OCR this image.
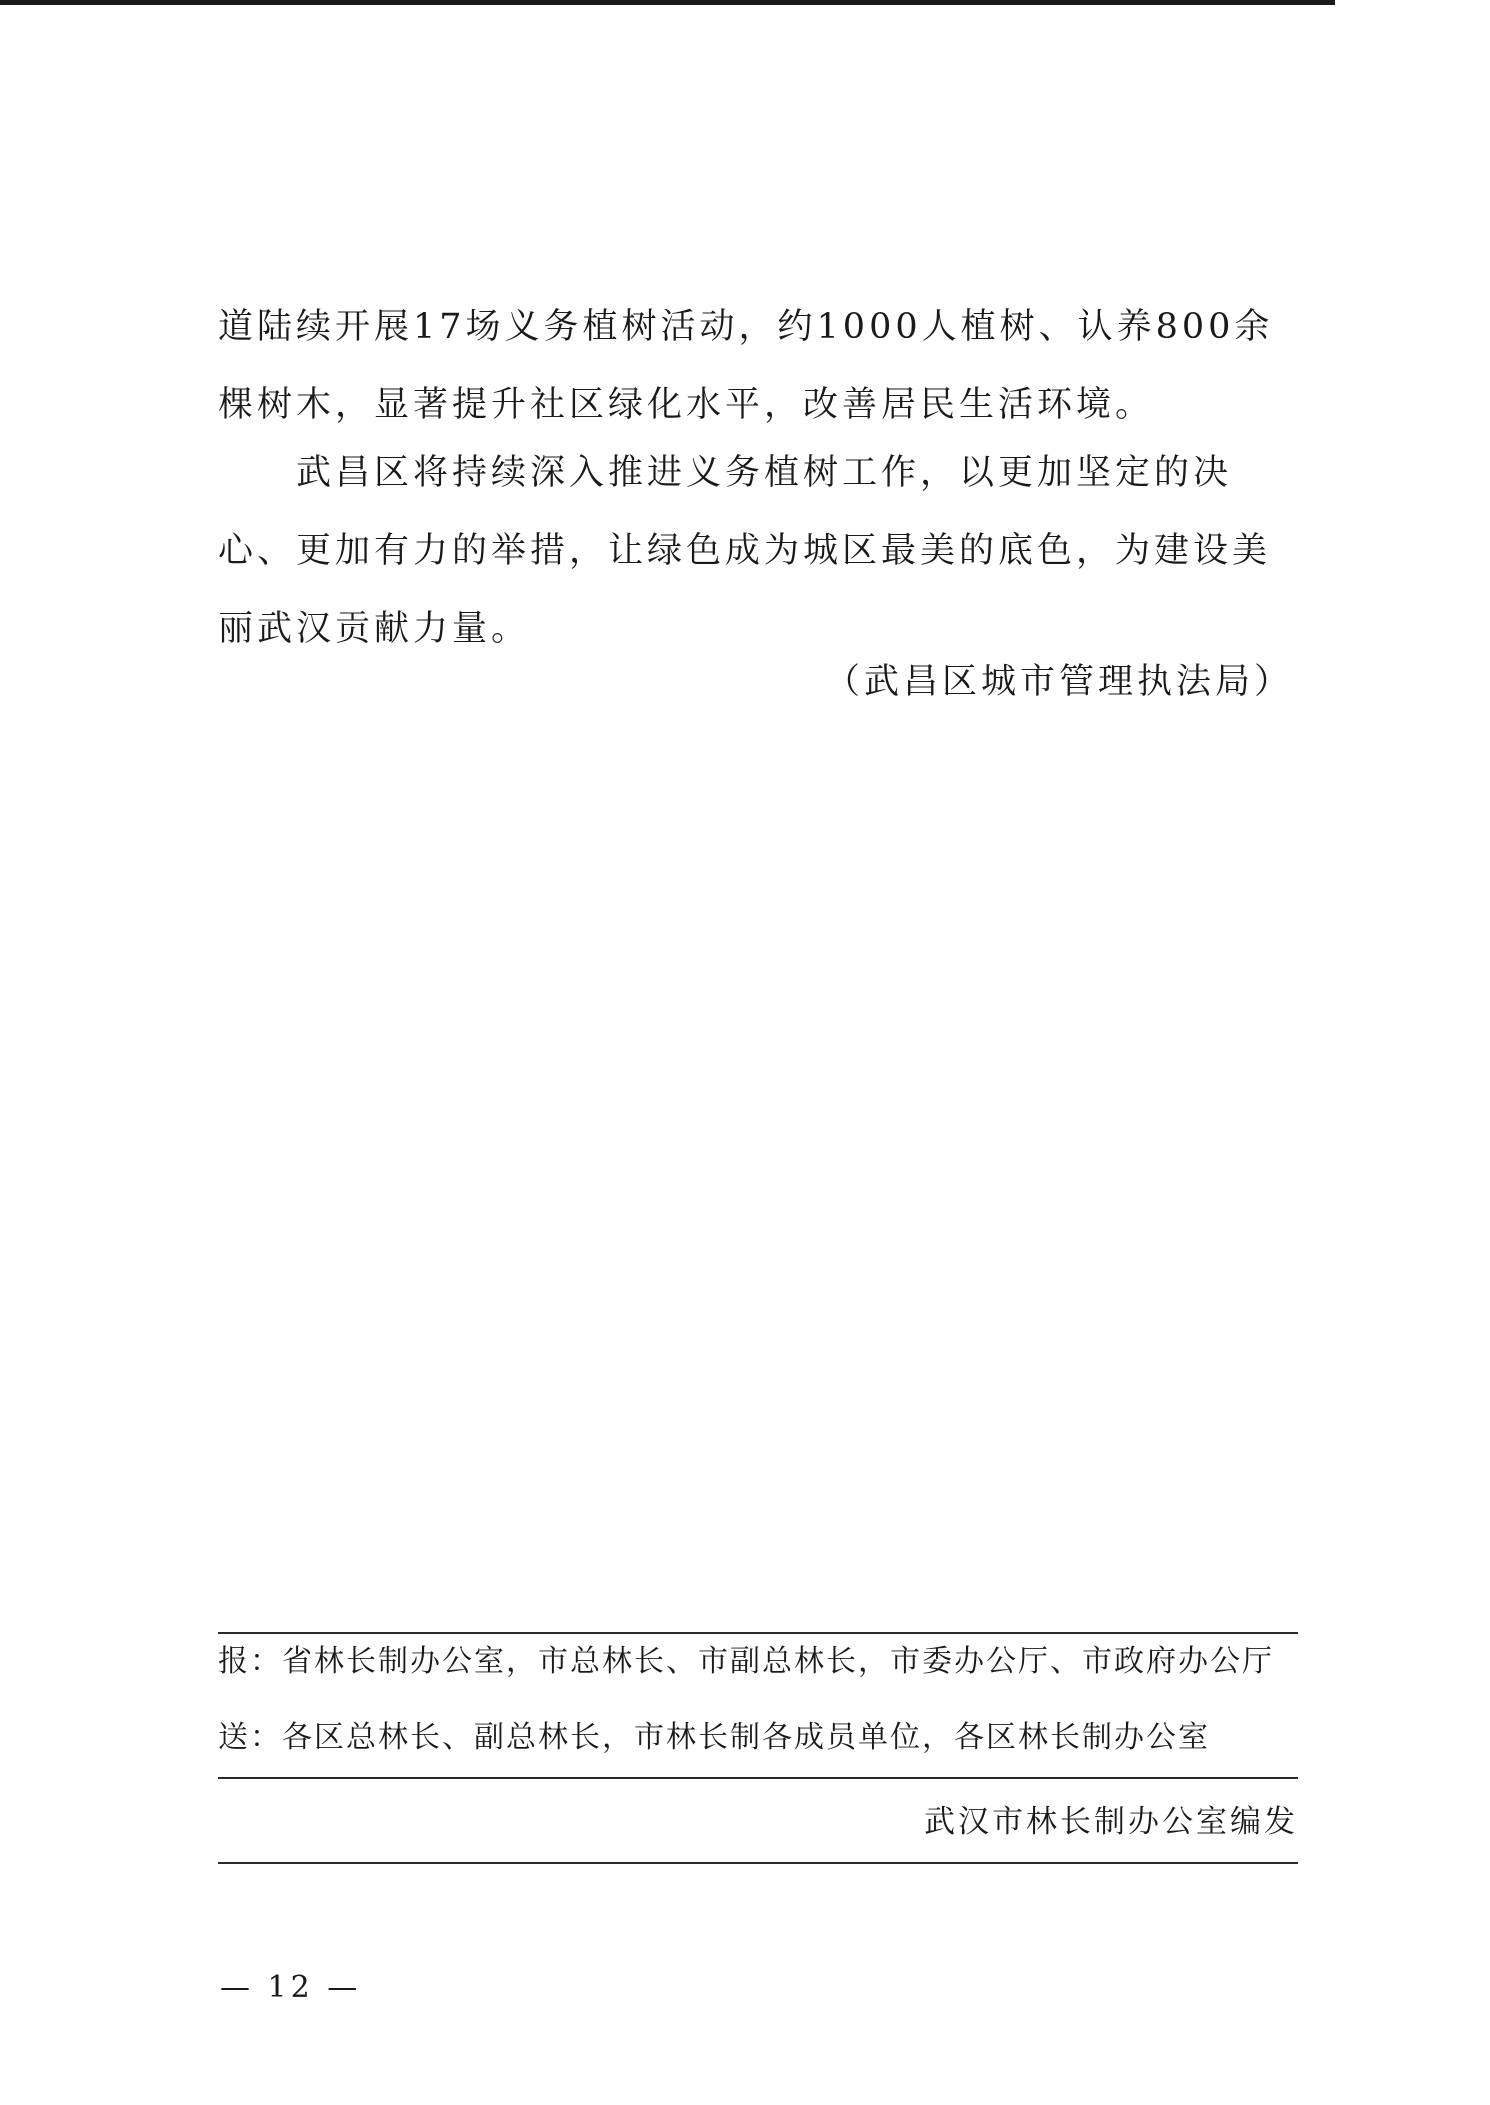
道陆续开展17场义务植树活动，约1000人植树、认养800余棵树木，显著提升社区绿化水平，改善居民生活环境。

　　武昌区将持续深入推进义务植树工作，以更加坚定的决心、更加有力的举措，让绿色成为城区最美的底色，为建设美丽武汉贡献力量。

（武昌区城市管理执法局）

报：省林长制办公室，市总林长、市副总林长，市委办公厅、市政府办公厅
送：各区总林长、副总林长，市林长制各成员单位，各区林长制办公室
武汉市林长制办公室编发
— 12 —
